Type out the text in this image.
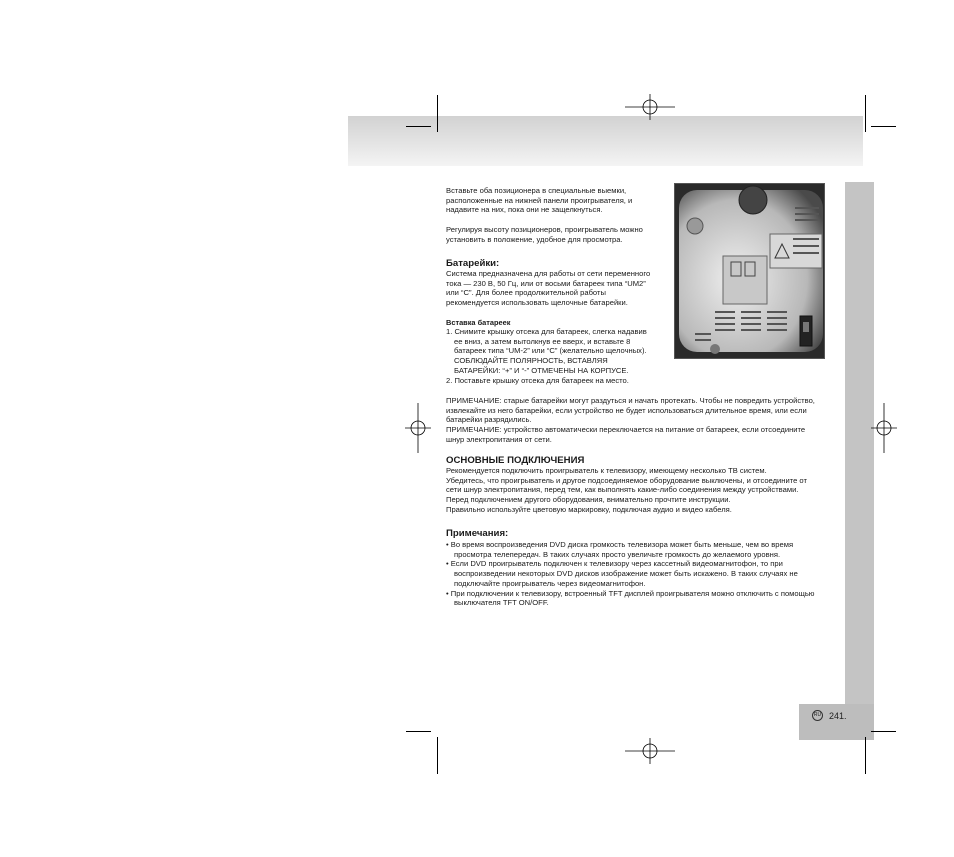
RU 241.
Вставьте оба позиционера в специальные выемки,
расположенные на нижней панели проигрывателя, и
надавите на них, пока они не защелкнуться.
Регулируя высоту позиционеров, проигрыватель можно
установить в положение, удобное для просмотра.
Батарейки:
Система предназначена для работы от сети переменного
тока — 230 В, 50 Гц, или от восьми батареек типа “UM2”
или “C”. Для более продолжительной работы
рекомендуется использовать щелочные батарейки.
Вставка батареек
1. Снимите крышку отсека для батареек, слегка надавив
ее вниз, а затем вытолкнув ее вверх, и вставьте 8
батареек типа “UM-2” или “C” (желательно щелочных).
СОБЛЮДАЙТЕ ПОЛЯРНОСТЬ, ВСТАВЛЯЯ
БАТАРЕЙКИ: “+” И “-” ОТМЕЧЕНЫ НА КОРПУСЕ.
2. Поставьте крышку отсека для батареек на место.
ПРИМЕЧАНИЕ: старые батарейки могут раздуться и начать протекать. Чтобы не повредить устройство,
извлекайте из него батарейки, если устройство не будет использоваться длительное время, или если
батарейки разрядились.
ПРИМЕЧАНИЕ: устройство автоматически переключается на питание от батареек, если отсоедините
шнур электропитания от сети.
ОСНОВНЫЕ ПОДКЛЮЧЕНИЯ
Рекомендуется подключить проигрыватель к телевизору, имеющему несколько ТВ систем.
Убедитесь, что проигрыватель и другое подсоединяемое оборудование выключены, и отсоедините от
сети шнур электропитания, перед тем, как выполнять какие-либо соединения между устройствами.
Перед подключением другого оборудования, внимательно прочтите инструкции.
Правильно используйте цветовую маркировку, подключая аудио и видео кабеля.
Примечания:
• Во время воспроизведения DVD диска громкость телевизора может быть меньше, чем во время
просмотра телепередач. В таких случаях просто увеличьте громкость до желаемого уровня.
• Если DVD проигрыватель подключен к телевизору через кассетный видеомагнитофон, то при
воспроизведении некоторых DVD дисков изображение может быть искажено. В таких случаях не
подключайте проигрыватель через видеомагнитофон.
• При подключении к телевизору, встроенный TFT дисплей проигрывателя можно отключить с помощью
выключателя TFT ON/OFF.
